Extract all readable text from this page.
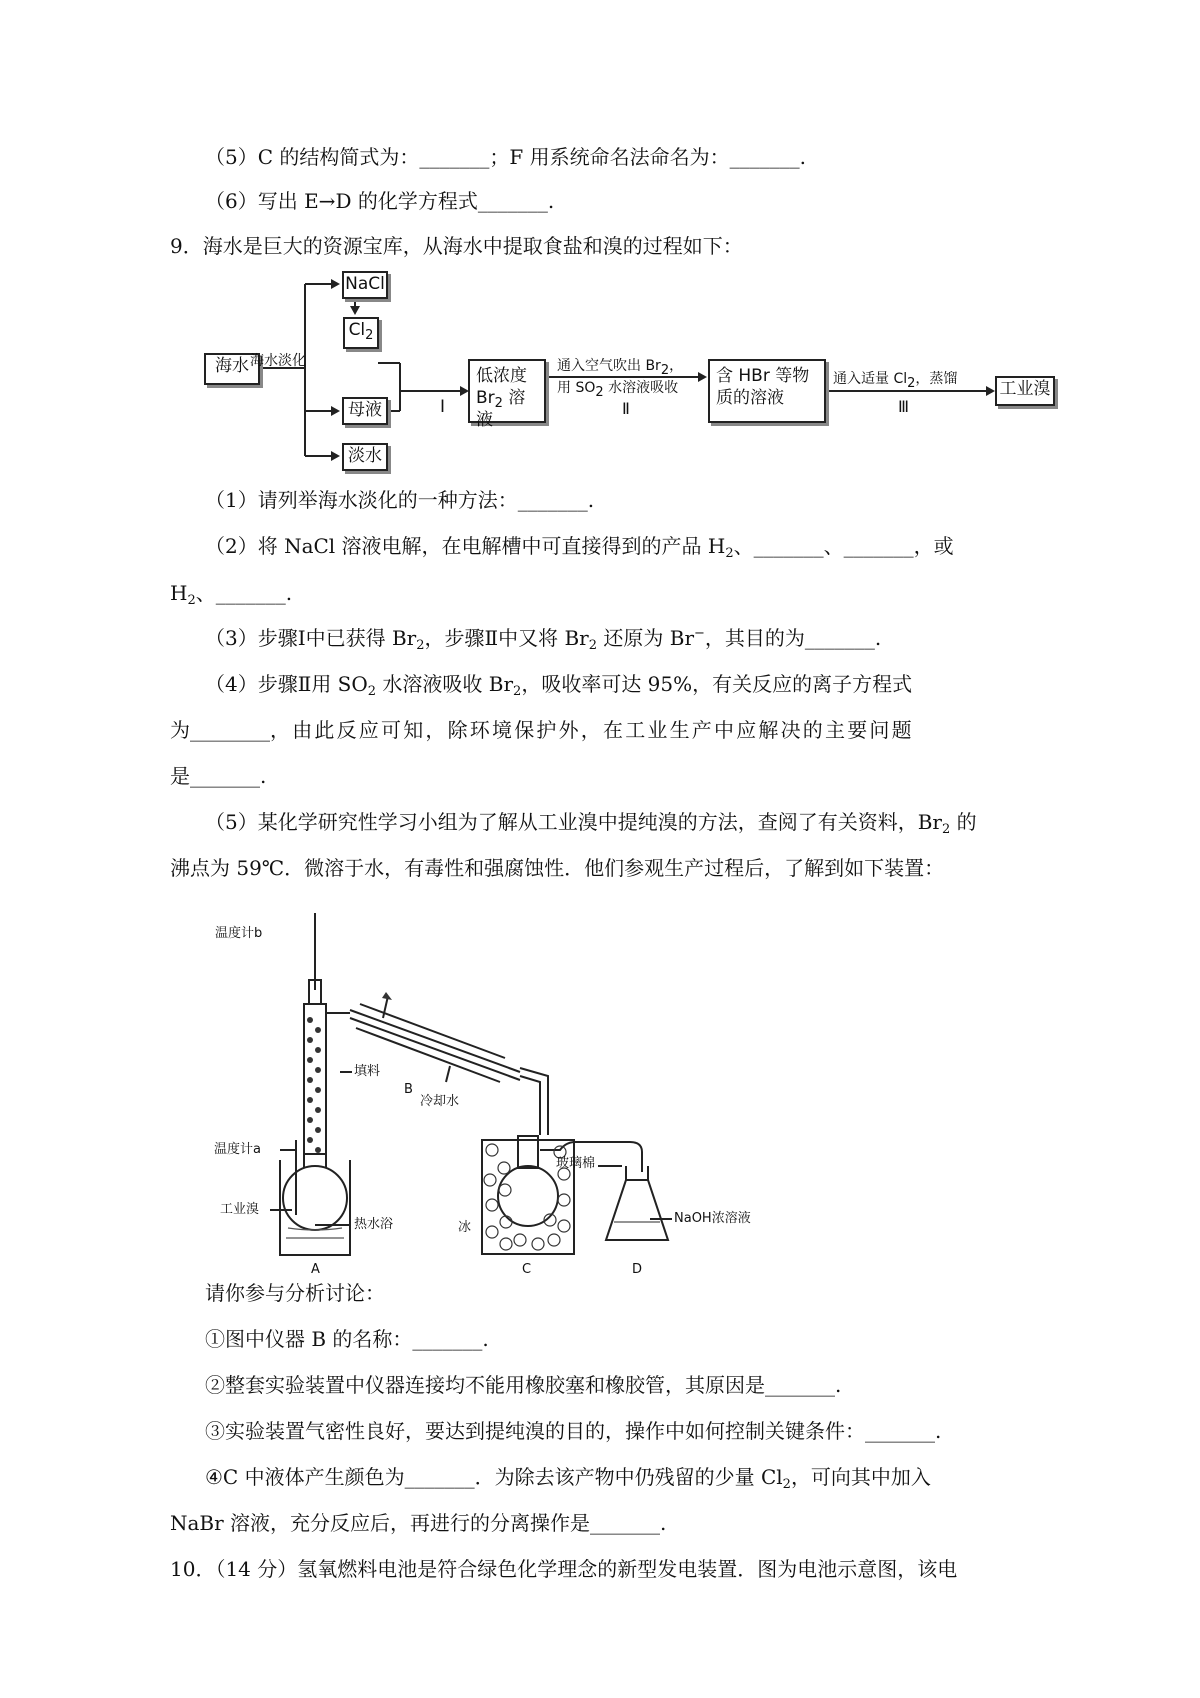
（5）C 的结构简式为：_______；F 用系统命名法命名为：_______.
（6）写出 E→D 的化学方程式_______.
9．海水是巨大的资源宝库，从海水中提取食盐和溴的过程如下：
海水 海水淡化
NaCl
$Cl_2$
母液
淡水
Ⅰ
低浓度
$Br_2$ 溶液
通入空气吹出 $Br_2$，
用 $SO_2$ 水溶液吸收
Ⅱ
含 HBr 等物
质的溶液
通入适量 $Cl_2$，蒸馏
Ⅲ
工业溴
（1）请列举海水淡化的一种方法：_______.
（2）将 NaCl 溶液电解，在电解槽中可直接得到的产品 $H_2$、_______、_______，或
$H_2$、_______.
（3）步骤Ⅰ中已获得 $Br_2$，步骤Ⅱ中又将 $Br_2$ 还原为 Br−，其目的为_______.
（4）步骤Ⅱ用 $SO_2$ 水溶液吸收 $Br_2$，吸收率可达 95%，有关反应的离子方程式
为________，由此反应可知，除环境保护外，在工业生产中应解决的主要问题
是_______.
（5）某化学研究性学习小组为了解从工业溴中提纯溴的方法，查阅了有关资料，$Br_2$ 的
沸点为 59℃．微溶于水，有毒性和强腐蚀性．他们参观生产过程后，了解到如下装置：
温度计b
填料
B
冷却水
温度计a
工业溴
热水浴	冰
玻璃棉
NaOH浓溶液
A	C	D
请你参与分析讨论：
①图中仪器 B 的名称：_______.
②整套实验装置中仪器连接均不能用橡胶塞和橡胶管，其原因是_______.
③实验装置气密性良好，要达到提纯溴的目的，操作中如何控制关键条件：_______.
④C 中液体产生颜色为_______．为除去该产物中仍残留的少量 $Cl_2$，可向其中加入
NaBr 溶液，充分反应后，再进行的分离操作是_______.
10．（14 分）氢氧燃料电池是符合绿色化学理念的新型发电装置．图为电池示意图，该电
